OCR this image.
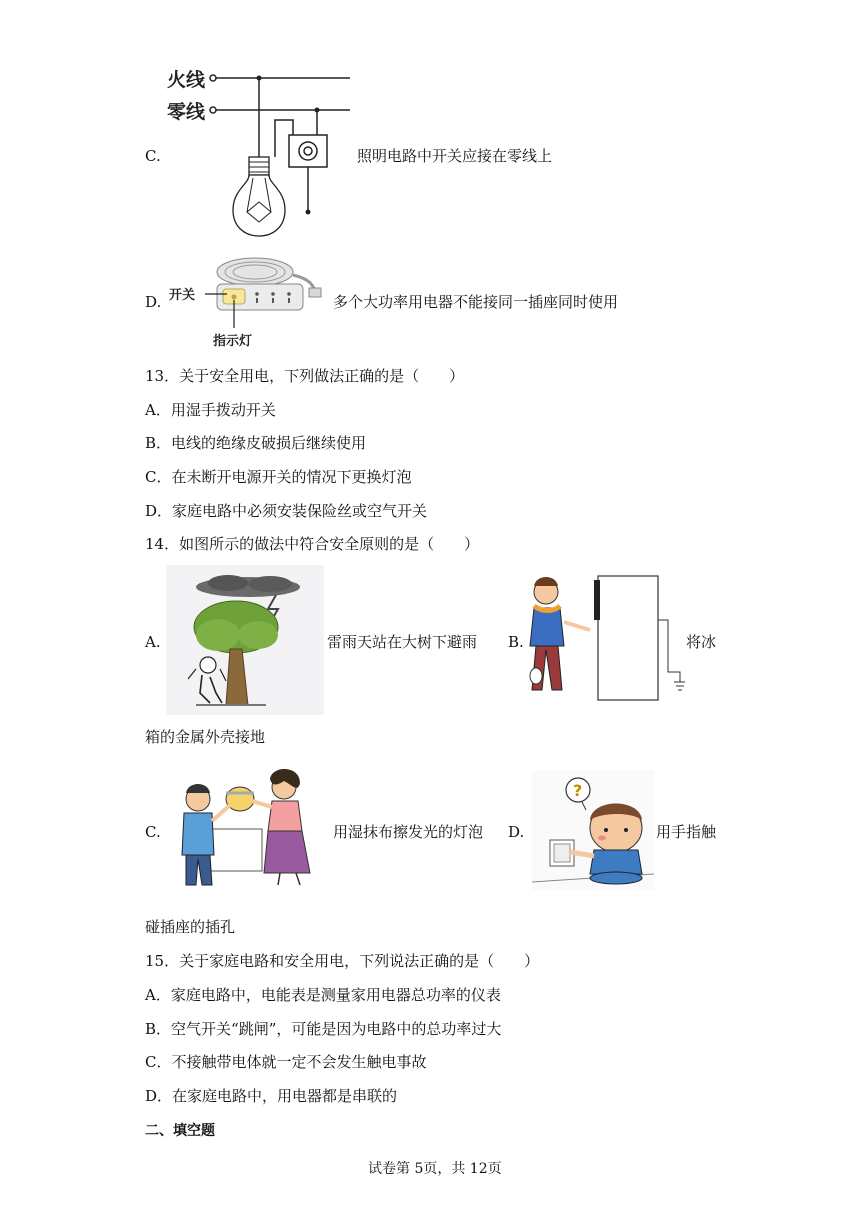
火线
零线
C.	照明电路中开关应接在零线上
开关
指示灯
D.	多个大功率用电器不能接同一插座同时使用
13．关于安全用电，下列做法正确的是（　　）
A．用湿手拨动开关
B．电线的绝缘皮破损后继续使用
C．在未断开电源开关的情况下更换灯泡
D．家庭电路中必须安装保险丝或空气开关
14．如图所示的做法中符合安全原则的是（　　）
A.	雷雨天站在大树下避雨 B.	将冰
箱的金属外壳接地
C.	用湿抹布擦发光的灯泡 D.
?
用手指触
碰插座的插孔
15．关于家庭电路和安全用电，下列说法正确的是（　　）
A．家庭电路中，电能表是测量家用电器总功率的仪表
B．空气开关“跳闸”，可能是因为电路中的总功率过大
C．不接触带电体就一定不会发生触电事故
D．在家庭电路中，用电器都是串联的
二、填空题
试卷第 5页，共 12页
